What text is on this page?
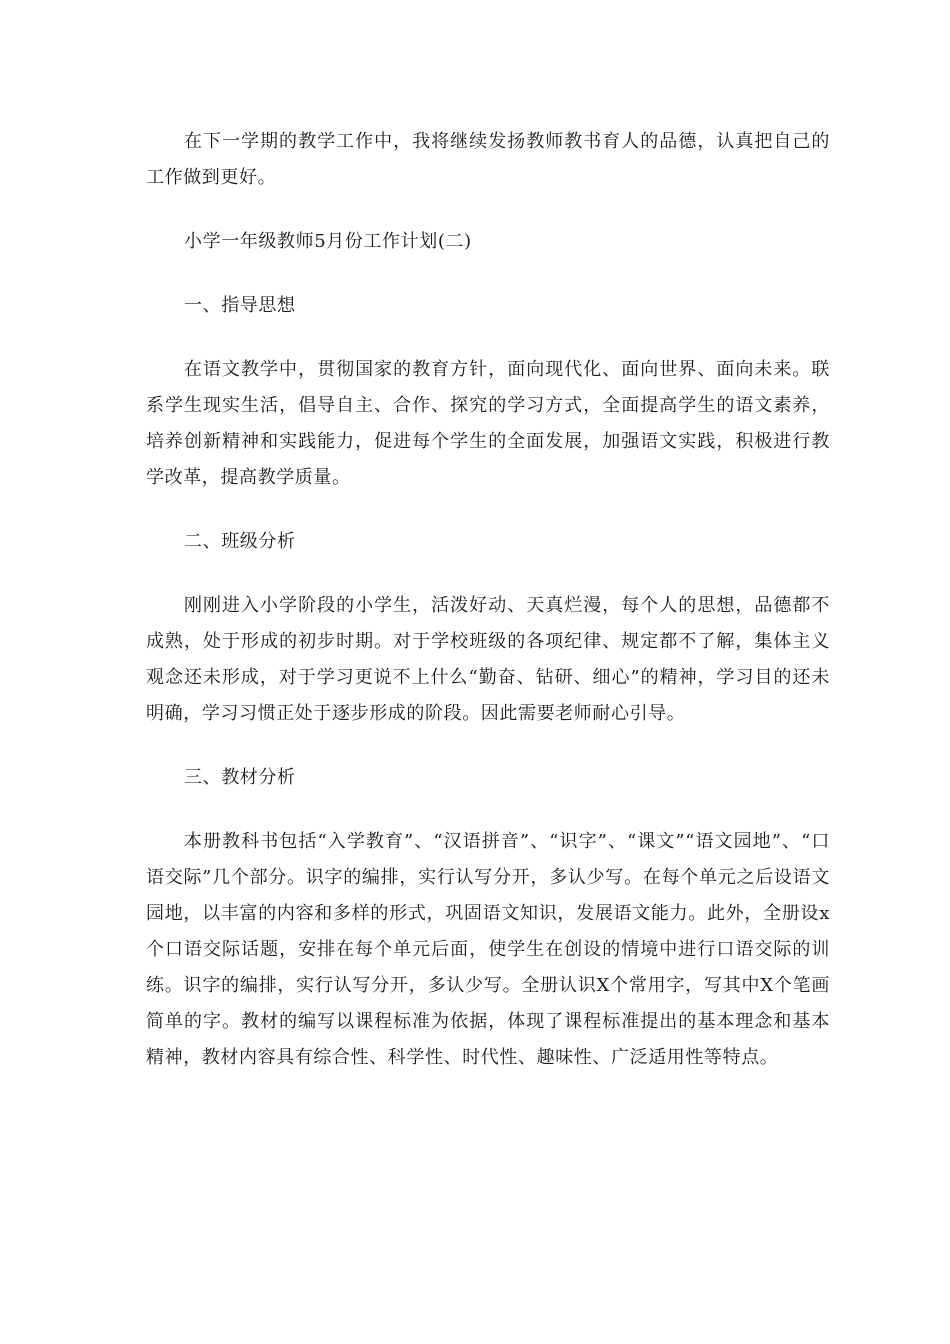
在下一学期的教学工作中，我将继续发扬教师教书育人的品德，认真把自己的工作做到更好。

小学一年级教师5月份工作计划(二)

一、指导思想

在语文教学中，贯彻国家的教育方针，面向现代化、面向世界、面向未来。联系学生现实生活，倡导自主、合作、探究的学习方式，全面提高学生的语文素养，培养创新精神和实践能力，促进每个学生的全面发展，加强语文实践，积极进行教学改革，提高教学质量。

二、班级分析

刚刚进入小学阶段的小学生，活泼好动、天真烂漫，每个人的思想，品德都不成熟，处于形成的初步时期。对于学校班级的各项纪律、规定都不了解，集体主义观念还未形成，对于学习更说不上什么“勤奋、钻研、细心”的精神，学习目的还未明确，学习习惯正处于逐步形成的阶段。因此需要老师耐心引导。

三、教材分析

本册教科书包括“入学教育”、“汉语拼音”、“识字”、“课文”“语文园地”、“口语交际”几个部分。识字的编排，实行认写分开，多认少写。在每个单元之后设语文园地，以丰富的内容和多样的形式，巩固语文知识，发展语文能力。此外，全册设x个口语交际话题，安排在每个单元后面，使学生在创设的情境中进行口语交际的训练。识字的编排，实行认写分开，多认少写。全册认识X个常用字，写其中X个笔画简单的字。教材的编写以课程标准为依据，体现了课程标准提出的基本理念和基本精神，教材内容具有综合性、科学性、时代性、趣味性、广泛适用性等特点。
